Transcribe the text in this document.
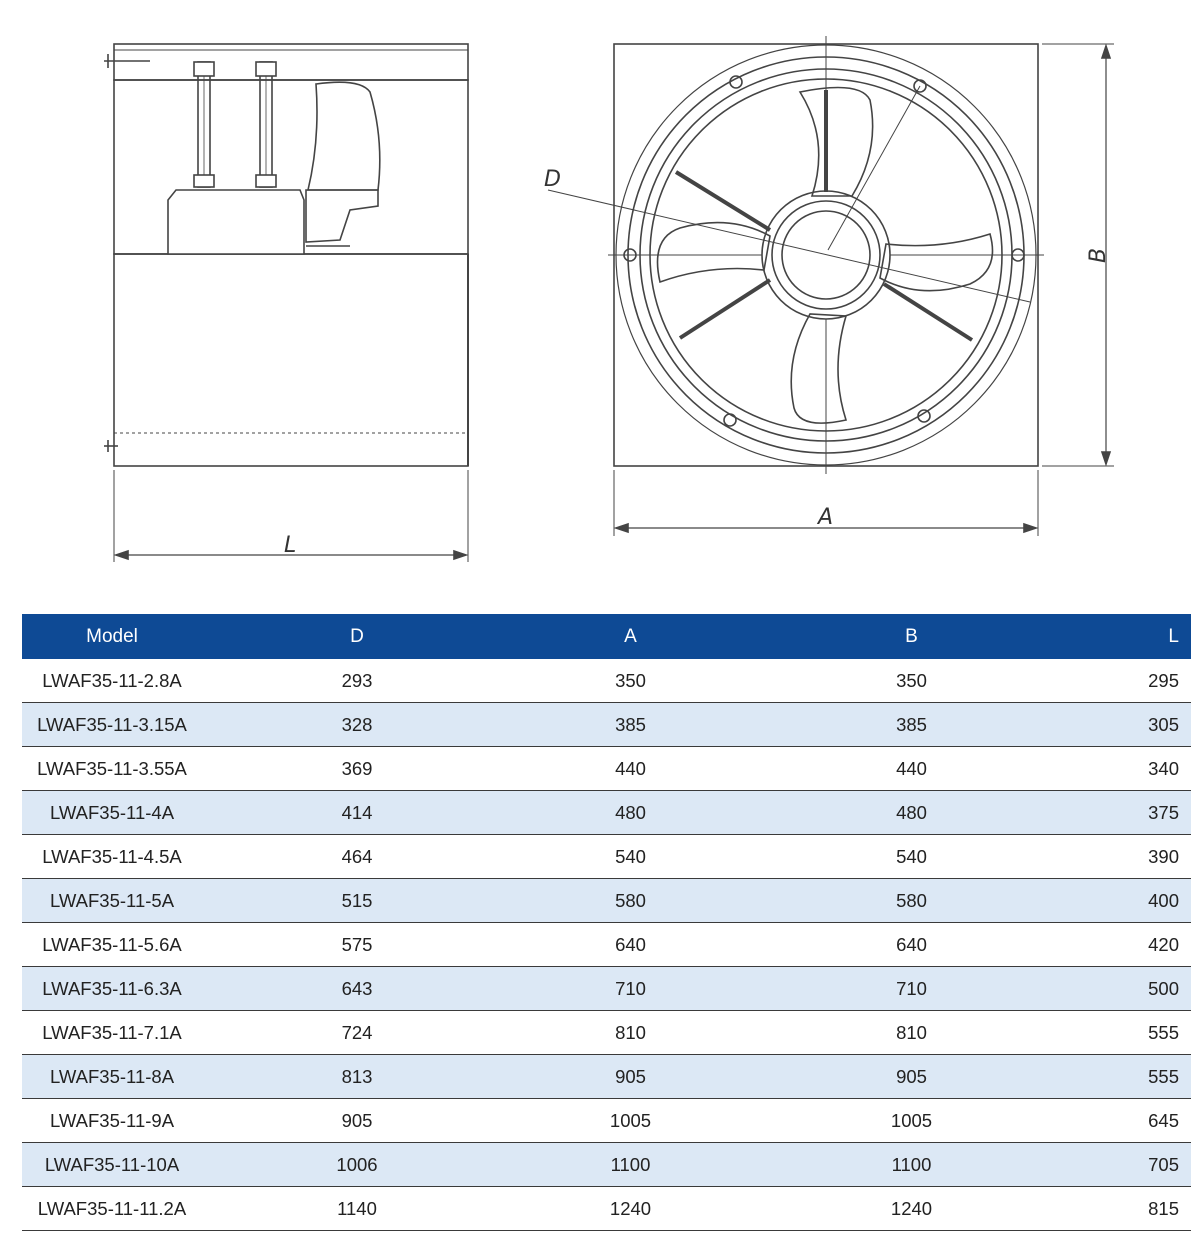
L
A
D
B
Model	D	A	B	L
LWAF35-11-2.8A	293	350	350	295
LWAF35-11-3.15A	328	385	385	305
LWAF35-11-3.55A	369	440	440	340
LWAF35-11-4A	414	480	480	375
LWAF35-11-4.5A	464	540	540	390
LWAF35-11-5A	515	580	580	400
LWAF35-11-5.6A	575	640	640	420
LWAF35-11-6.3A	643	710	710	500
LWAF35-11-7.1A	724	810	810	555
LWAF35-11-8A	813	905	905	555
LWAF35-11-9A	905	1005	1005	645
LWAF35-11-10A	1006	1100	1100	705
LWAF35-11-11.2A	1140	1240	1240	815
